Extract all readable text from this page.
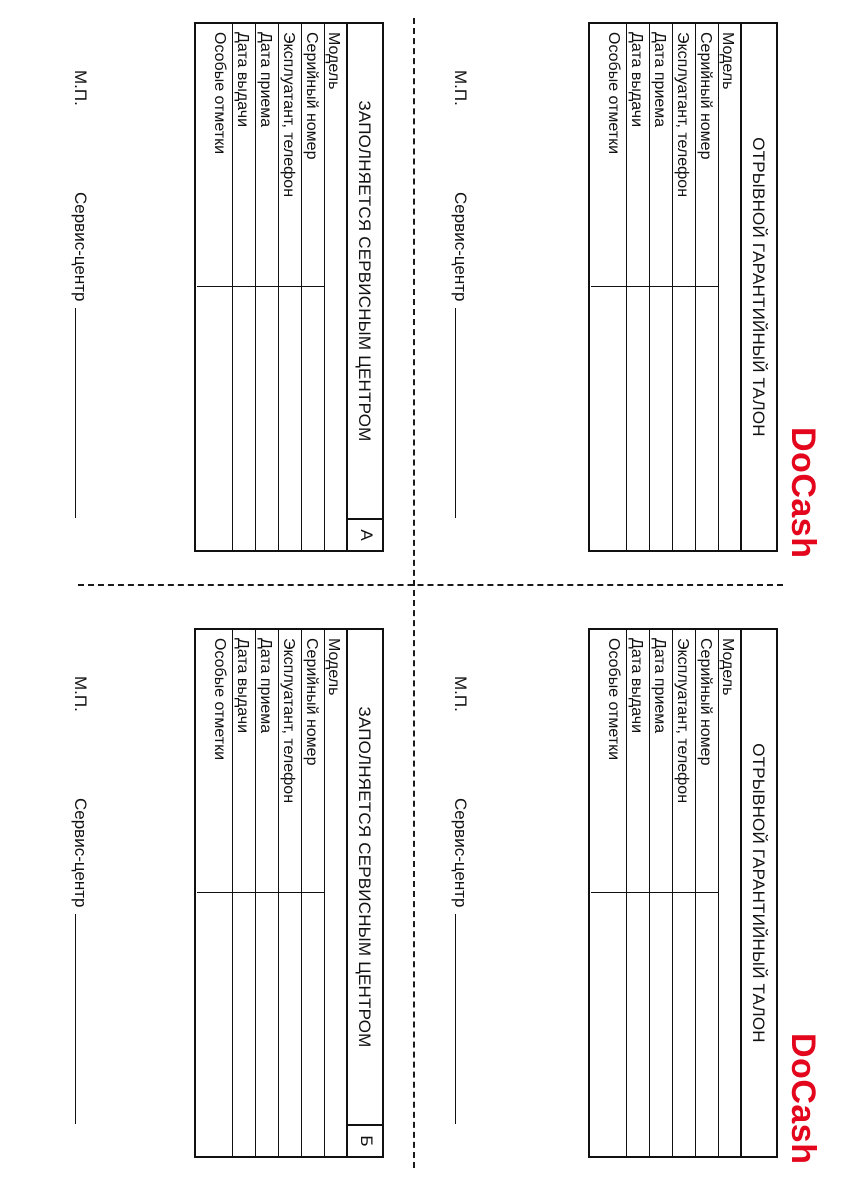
ОТРЫВНОЙ ГАРАНТИЙНЫЙ ТАЛОН
Модель
Серийный номер
Эксплуатант, телефон
Дата приема
Дата выдачи
Особые отметки
DoCash
М.П.
Сервис-центр
ЗАПОЛНЯЕТСЯ СЕРВИСНЫМ ЦЕНТРОМ
А
Модель
Серийный номер
Эксплуатант, телефон
Дата приема
Дата выдачи
Особые отметки
М.П.
Сервис-центр
ОТРЫВНОЙ ГАРАНТИЙНЫЙ ТАЛОН
Модель
Серийный номер
Эксплуатант, телефон
Дата приема
Дата выдачи
Особые отметки
DoCash
М.П.
Сервис-центр
ЗАПОЛНЯЕТСЯ СЕРВИСНЫМ ЦЕНТРОМ
Б
Модель
Серийный номер
Эксплуатант, телефон
Дата приема
Дата выдачи
Особые отметки
М.П.
Сервис-центр
